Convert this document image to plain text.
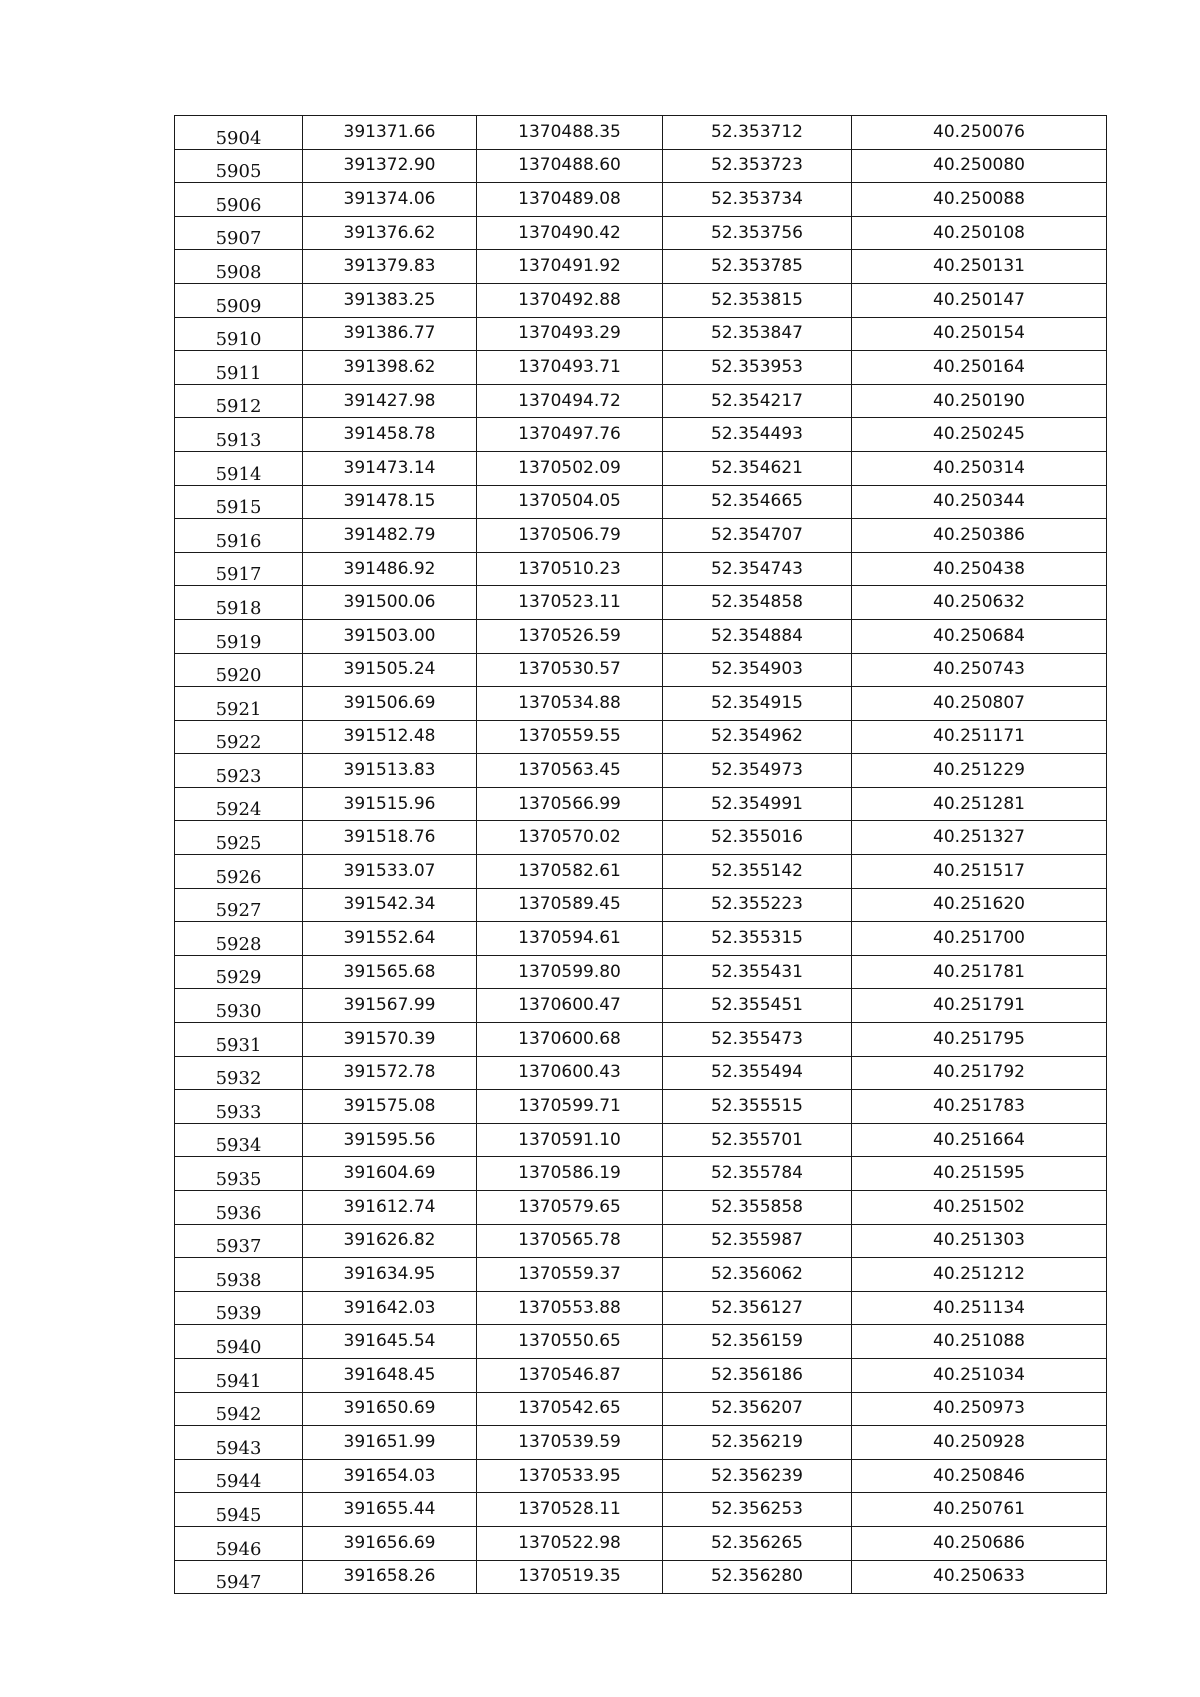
5904	391371.66	1370488.35	52.353712	40.250076
5905	391372.90	1370488.60	52.353723	40.250080
5906	391374.06	1370489.08	52.353734	40.250088
5907	391376.62	1370490.42	52.353756	40.250108
5908	391379.83	1370491.92	52.353785	40.250131
5909	391383.25	1370492.88	52.353815	40.250147
5910	391386.77	1370493.29	52.353847	40.250154
5911	391398.62	1370493.71	52.353953	40.250164
5912	391427.98	1370494.72	52.354217	40.250190
5913	391458.78	1370497.76	52.354493	40.250245
5914	391473.14	1370502.09	52.354621	40.250314
5915	391478.15	1370504.05	52.354665	40.250344
5916	391482.79	1370506.79	52.354707	40.250386
5917	391486.92	1370510.23	52.354743	40.250438
5918	391500.06	1370523.11	52.354858	40.250632
5919	391503.00	1370526.59	52.354884	40.250684
5920	391505.24	1370530.57	52.354903	40.250743
5921	391506.69	1370534.88	52.354915	40.250807
5922	391512.48	1370559.55	52.354962	40.251171
5923	391513.83	1370563.45	52.354973	40.251229
5924	391515.96	1370566.99	52.354991	40.251281
5925	391518.76	1370570.02	52.355016	40.251327
5926	391533.07	1370582.61	52.355142	40.251517
5927	391542.34	1370589.45	52.355223	40.251620
5928	391552.64	1370594.61	52.355315	40.251700
5929	391565.68	1370599.80	52.355431	40.251781
5930	391567.99	1370600.47	52.355451	40.251791
5931	391570.39	1370600.68	52.355473	40.251795
5932	391572.78	1370600.43	52.355494	40.251792
5933	391575.08	1370599.71	52.355515	40.251783
5934	391595.56	1370591.10	52.355701	40.251664
5935	391604.69	1370586.19	52.355784	40.251595
5936	391612.74	1370579.65	52.355858	40.251502
5937	391626.82	1370565.78	52.355987	40.251303
5938	391634.95	1370559.37	52.356062	40.251212
5939	391642.03	1370553.88	52.356127	40.251134
5940	391645.54	1370550.65	52.356159	40.251088
5941	391648.45	1370546.87	52.356186	40.251034
5942	391650.69	1370542.65	52.356207	40.250973
5943	391651.99	1370539.59	52.356219	40.250928
5944	391654.03	1370533.95	52.356239	40.250846
5945	391655.44	1370528.11	52.356253	40.250761
5946	391656.69	1370522.98	52.356265	40.250686
5947	391658.26	1370519.35	52.356280	40.250633
